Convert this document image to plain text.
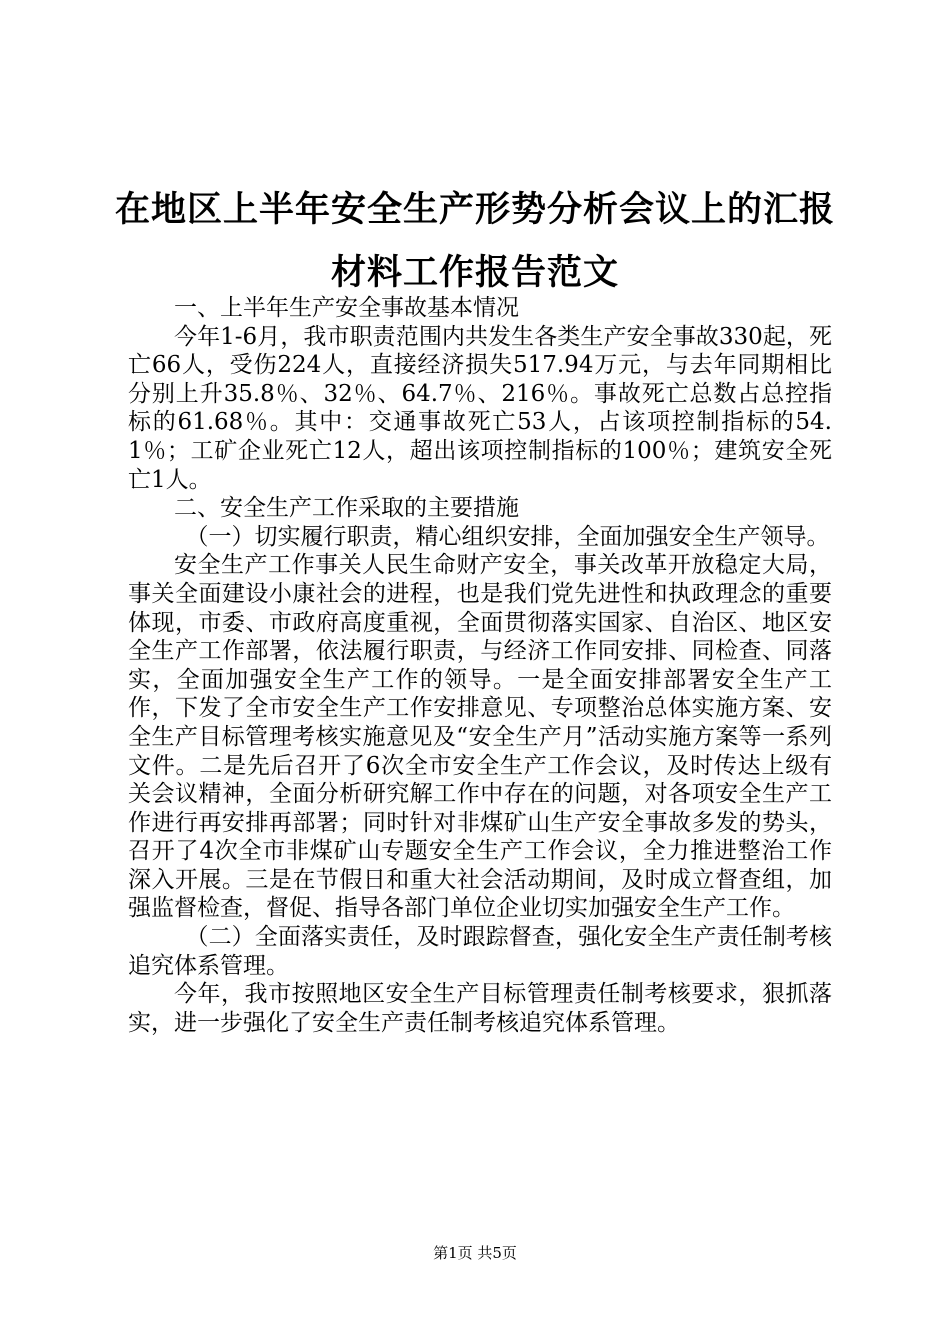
在地区上半年安全生产形势分析会议上的汇报
材料工作报告范文

一、上半年生产安全事故基本情况

今年1-6月，我市职责范围内共发生各类生产安全事故330起，死亡66人，受伤224人，直接经济损失517.94万元，与去年同期相比分别上升35.8％、32％、64.7％、216％。事故死亡总数占总控指标的61.68％。其中：交通事故死亡53人，占该项控制指标的54.1％；工矿企业死亡12人，超出该项控制指标的100％；建筑安全死亡1人。

二、安全生产工作采取的主要措施

（一）切实履行职责，精心组织安排，全面加强安全生产领导。

安全生产工作事关人民生命财产安全，事关改革开放稳定大局，事关全面建设小康社会的进程，也是我们党先进性和执政理念的重要体现，市委、市政府高度重视，全面贯彻落实国家、自治区、地区安全生产工作部署，依法履行职责，与经济工作同安排、同检查、同落实，全面加强安全生产工作的领导。一是全面安排部署安全生产工作，下发了全市安全生产工作安排意见、专项整治总体实施方案、安全生产目标管理考核实施意见及“安全生产月”活动实施方案等一系列文件。二是先后召开了6次全市安全生产工作会议，及时传达上级有关会议精神，全面分析研究解工作中存在的问题，对各项安全生产工作进行再安排再部署；同时针对非煤矿山生产安全事故多发的势头，召开了4次全市非煤矿山专题安全生产工作会议，全力推进整治工作深入开展。三是在节假日和重大社会活动期间，及时成立督查组，加强监督检查，督促、指导各部门单位企业切实加强安全生产工作。

（二）全面落实责任，及时跟踪督查，强化安全生产责任制考核追究体系管理。

今年，我市按照地区安全生产目标管理责任制考核要求，狠抓落实，进一步强化了安全生产责任制考核追究体系管理。

第1页 共5页
